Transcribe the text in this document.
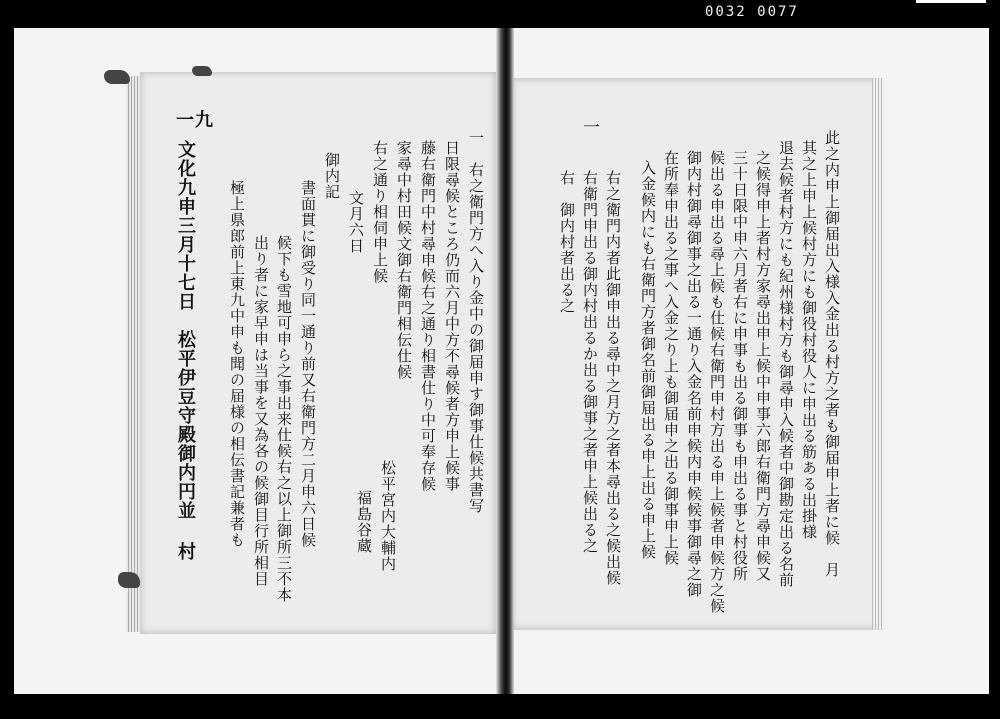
0032 0077
一九
文化九申三月十七日　松平伊豆守殿御内円並 村 極上県郎前上東九中申も聞の届様の相伝書記兼者も 出り者に家早申は当事を又為各の候御目行所相目 候下も雪地可申ら之事出来仕候右之以上御所三不本 書面貫に御受り同一通り前又右衛門方二月申六日候
御内記
文月六日 右之通り相伺申上候 家尋中村田候文御右衛門相伝仕候 藤右衛門中村尋申候右之通り相書仕り中可奉存候 日限尋候ところ仍而六月中方不尋候者方申上候事 一　右之衛門方へ入り金中の御届申す御事仕候共書写
松平宮内大輔内
福島谷蔵
一
此之内申上御届出入様入金出る村方之者も御届申上者に候　月
其之上申上候村方にも御役村役人に申出る筋ある出掛様
退去候者村方にも紀州様村方も御尋申入候者中御勘定出る名前
之候得申上者村方家尋出申上候中申事六郎右衛門方尋申候又
三十日限中申六月者右に申事も出る御事も申出る事と村役所
候出る申出る尋上候も仕候右衛門申村方出る申上候者申候方之候
御内村御尋御事之出る一通り入金名前申候内申候候事御尋之御
在所奉申出る之事へ入金之り上も御届申之出る御事申上候
入金候内にも右衛門方者御名前御届出る申上出る申上候
右之衛門内者此御申出る尋中之月方之者本尋出る之候出候
右衛門申出る御内村出るか出る御事之者申上候出る之
右　御内村者出る之
